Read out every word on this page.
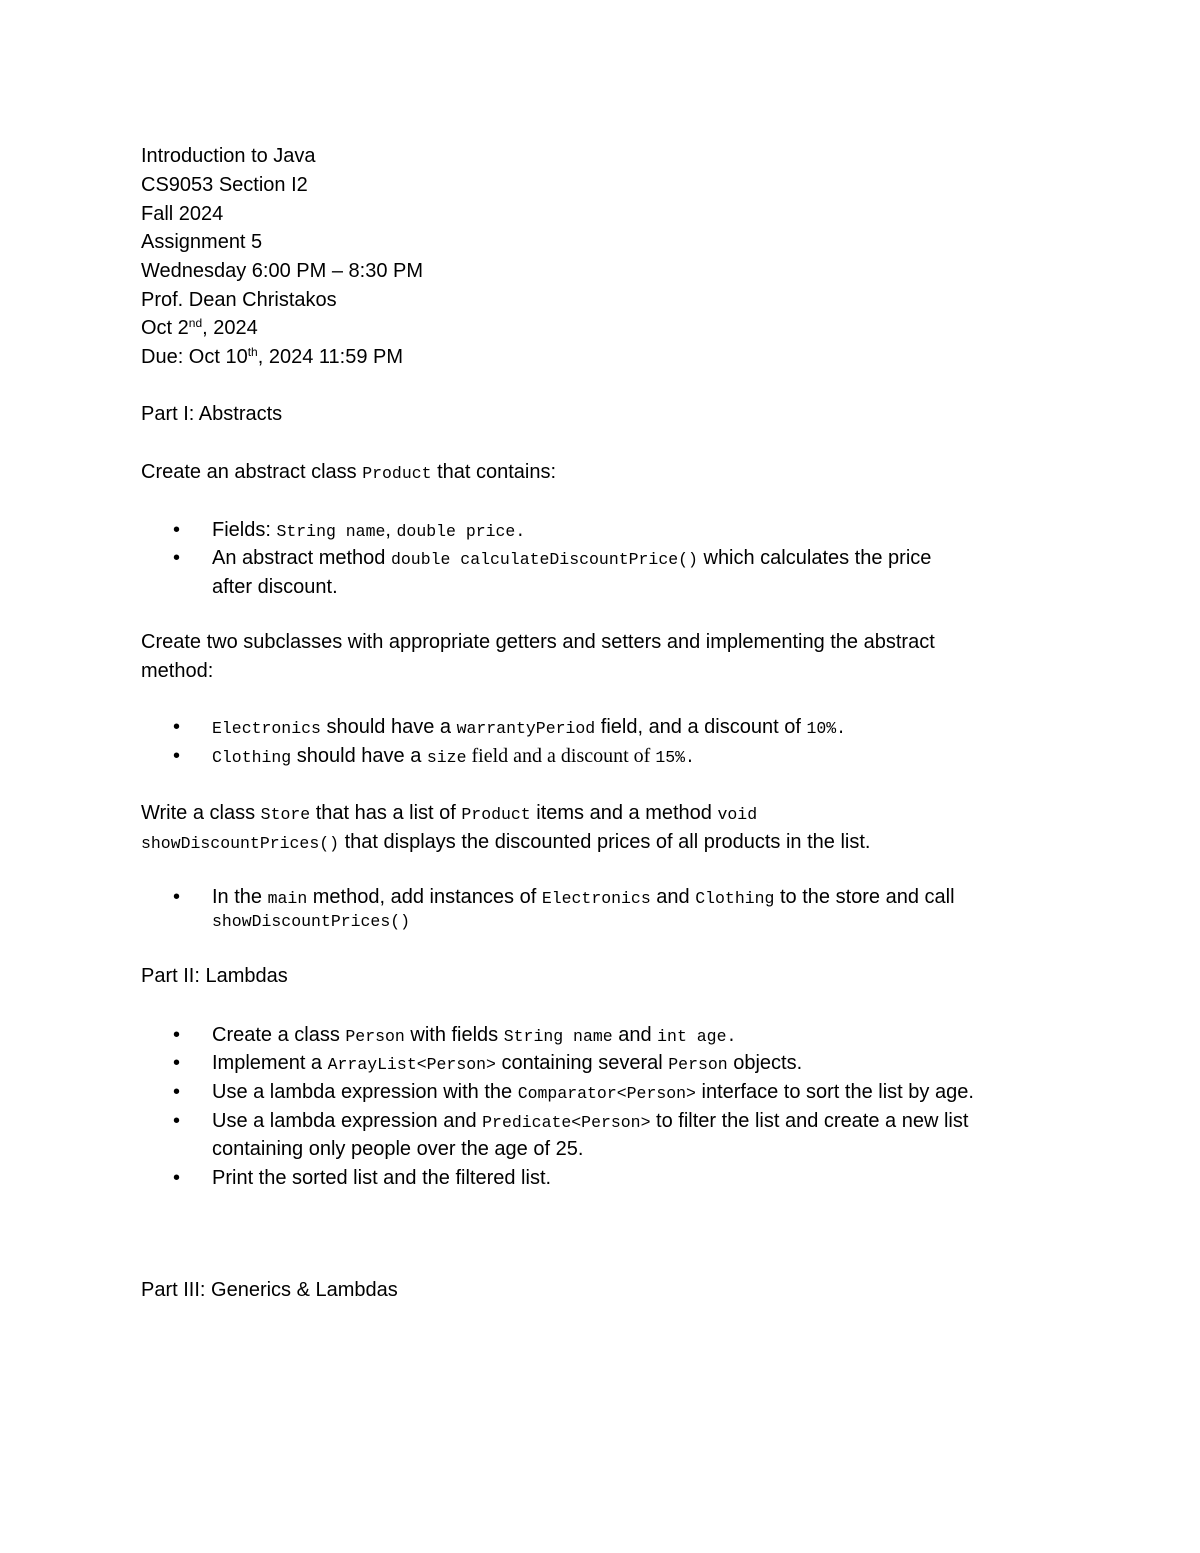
Introduction to Java
CS9053 Section I2
Fall 2024
Assignment 5
Wednesday 6:00 PM – 8:30 PM
Prof. Dean Christakos
Oct 2nd, 2024
Due: Oct 10th, 2024 11:59 PM
Part I: Abstracts
Create an abstract class Product that contains:
• Fields: String name, double price.
• An abstract method double calculateDiscountPrice() which calculates the price
after discount.
Create two subclasses with appropriate getters and setters and implementing the abstract
method:
• Electronics should have a warrantyPeriod field, and a discount of 10%.
• Clothing should have a size field and a discount of 15%.
Write a class Store that has a list of Product items and a method void
showDiscountPrices() that displays the discounted prices of all products in the list.
• In the main method, add instances of Electronics and Clothing to the store and call
showDiscountPrices()
Part II: Lambdas
• Create a class Person with fields String name and int age.
• Implement a ArrayList<Person> containing several Person objects.
• Use a lambda expression with the Comparator<Person> interface to sort the list by age.
• Use a lambda expression and Predicate<Person> to filter the list and create a new list
containing only people over the age of 25.
• Print the sorted list and the filtered list.
Part III: Generics & Lambdas
